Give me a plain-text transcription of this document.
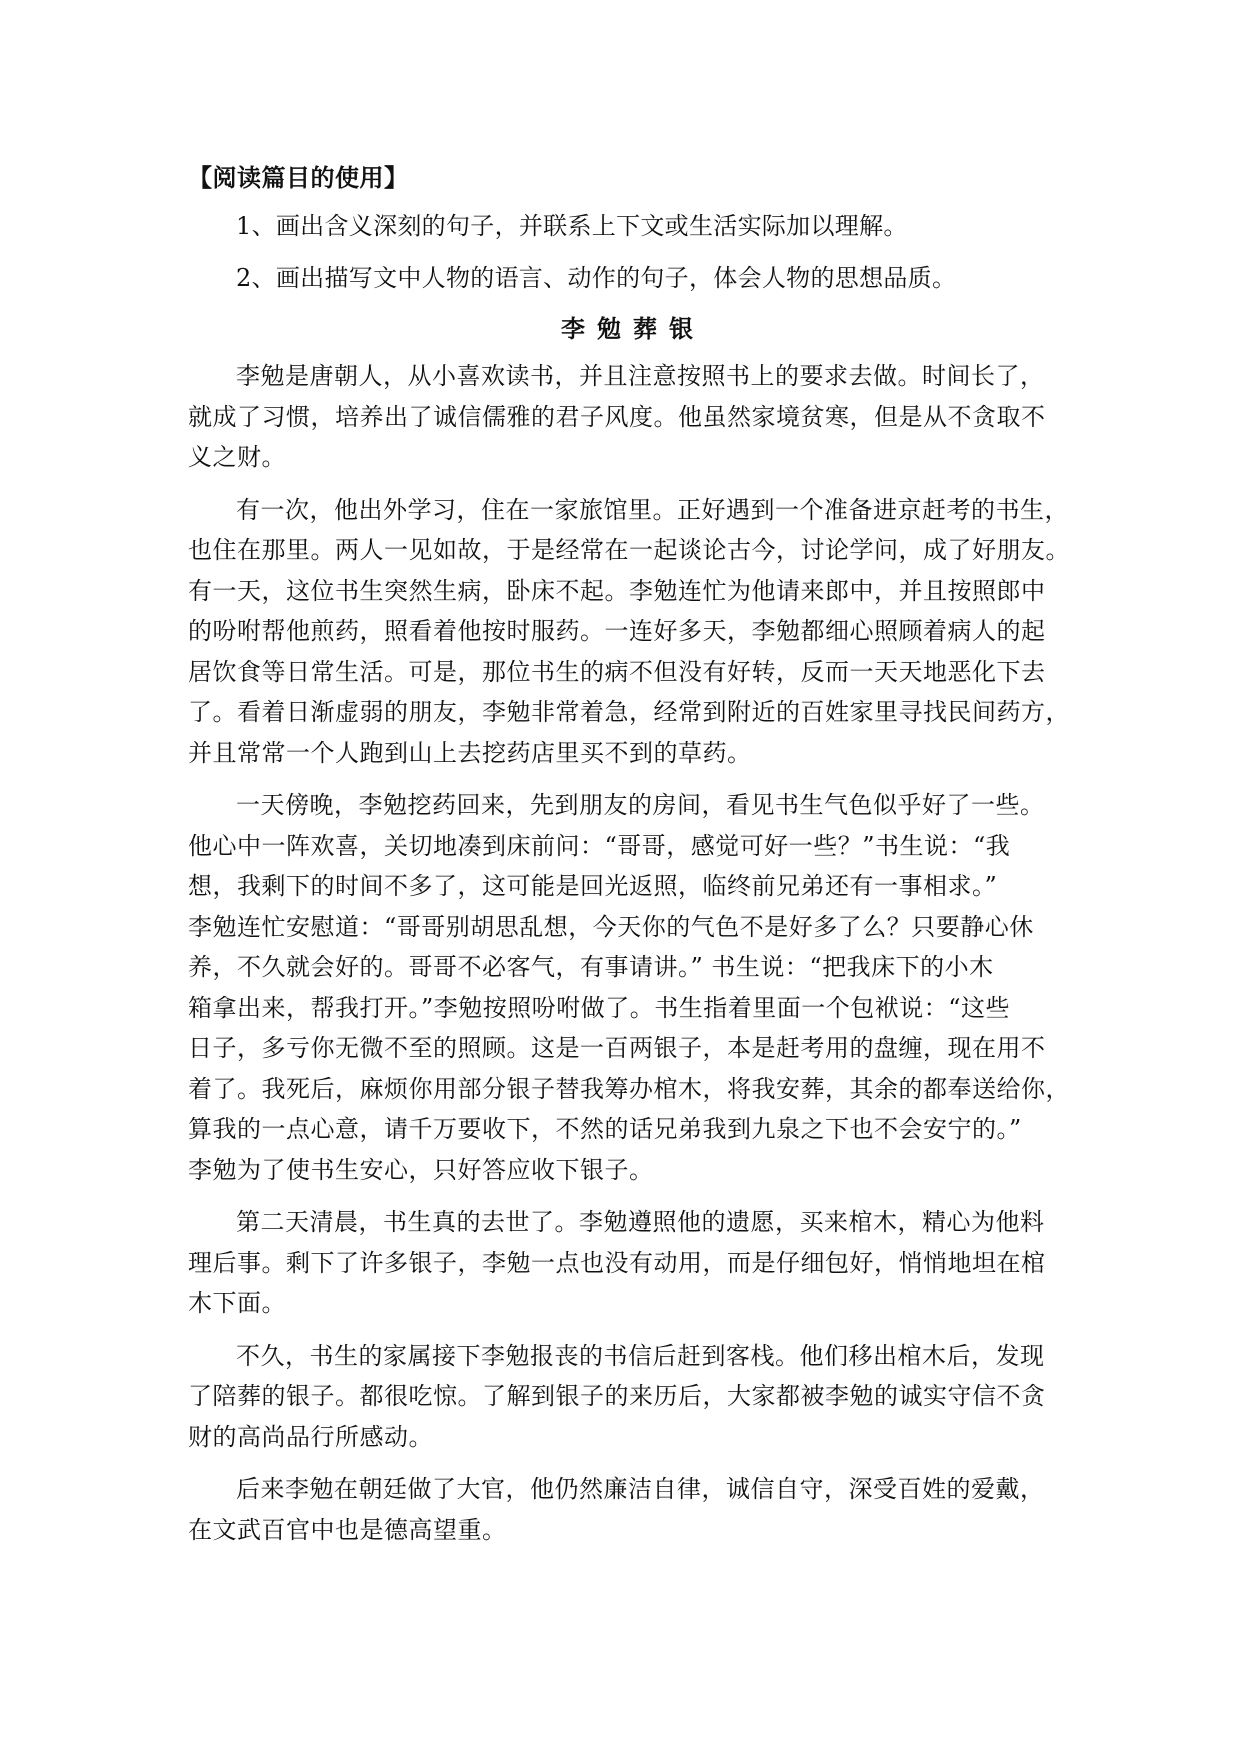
【阅读篇目的使用】
1、画出含义深刻的句子，并联系上下文或生活实际加以理解。
2、画出描写文中人物的语言、动作的句子，体会人物的思想品质。
李勉葬银
李勉是唐朝人，从小喜欢读书，并且注意按照书上的要求去做。时间长了，
就成了习惯，培养出了诚信儒雅的君子风度。他虽然家境贫寒，但是从不贪取不
义之财。
有一次，他出外学习，住在一家旅馆里。正好遇到一个准备进京赶考的书生，
也住在那里。两人一见如故，于是经常在一起谈论古今，讨论学问，成了好朋友。
有一天，这位书生突然生病，卧床不起。李勉连忙为他请来郎中，并且按照郎中
的吩咐帮他煎药，照看着他按时服药。一连好多天，李勉都细心照顾着病人的起
居饮食等日常生活。可是，那位书生的病不但没有好转，反而一天天地恶化下去
了。看着日渐虚弱的朋友，李勉非常着急，经常到附近的百姓家里寻找民间药方，
并且常常一个人跑到山上去挖药店里买不到的草药。
一天傍晚，李勉挖药回来，先到朋友的房间，看见书生气色似乎好了一些。
他心中一阵欢喜，关切地凑到床前问：“哥哥，感觉可好一些？”书生说：“我
想，我剩下的时间不多了，这可能是回光返照，临终前兄弟还有一事相求。”
李勉连忙安慰道：“哥哥别胡思乱想，今天你的气色不是好多了么？只要静心休
养，不久就会好的。哥哥不必客气，有事请讲。” 书生说：“把我床下的小木
箱拿出来，帮我打开。”李勉按照吩咐做了。书生指着里面一个包袱说：“这些
日子，多亏你无微不至的照顾。这是一百两银子，本是赶考用的盘缠，现在用不
着了。我死后，麻烦你用部分银子替我筹办棺木，将我安葬，其余的都奉送给你，
算我的一点心意，请千万要收下，不然的话兄弟我到九泉之下也不会安宁的。”
李勉为了使书生安心，只好答应收下银子。
第二天清晨，书生真的去世了。李勉遵照他的遗愿，买来棺木，精心为他料
理后事。剩下了许多银子，李勉一点也没有动用，而是仔细包好，悄悄地坦在棺
木下面。
不久，书生的家属接下李勉报丧的书信后赶到客栈。他们移出棺木后，发现
了陪葬的银子。都很吃惊。了解到银子的来历后，大家都被李勉的诚实守信不贪
财的高尚品行所感动。
后来李勉在朝廷做了大官，他仍然廉洁自律，诚信自守，深受百姓的爱戴，
在文武百官中也是德高望重。
